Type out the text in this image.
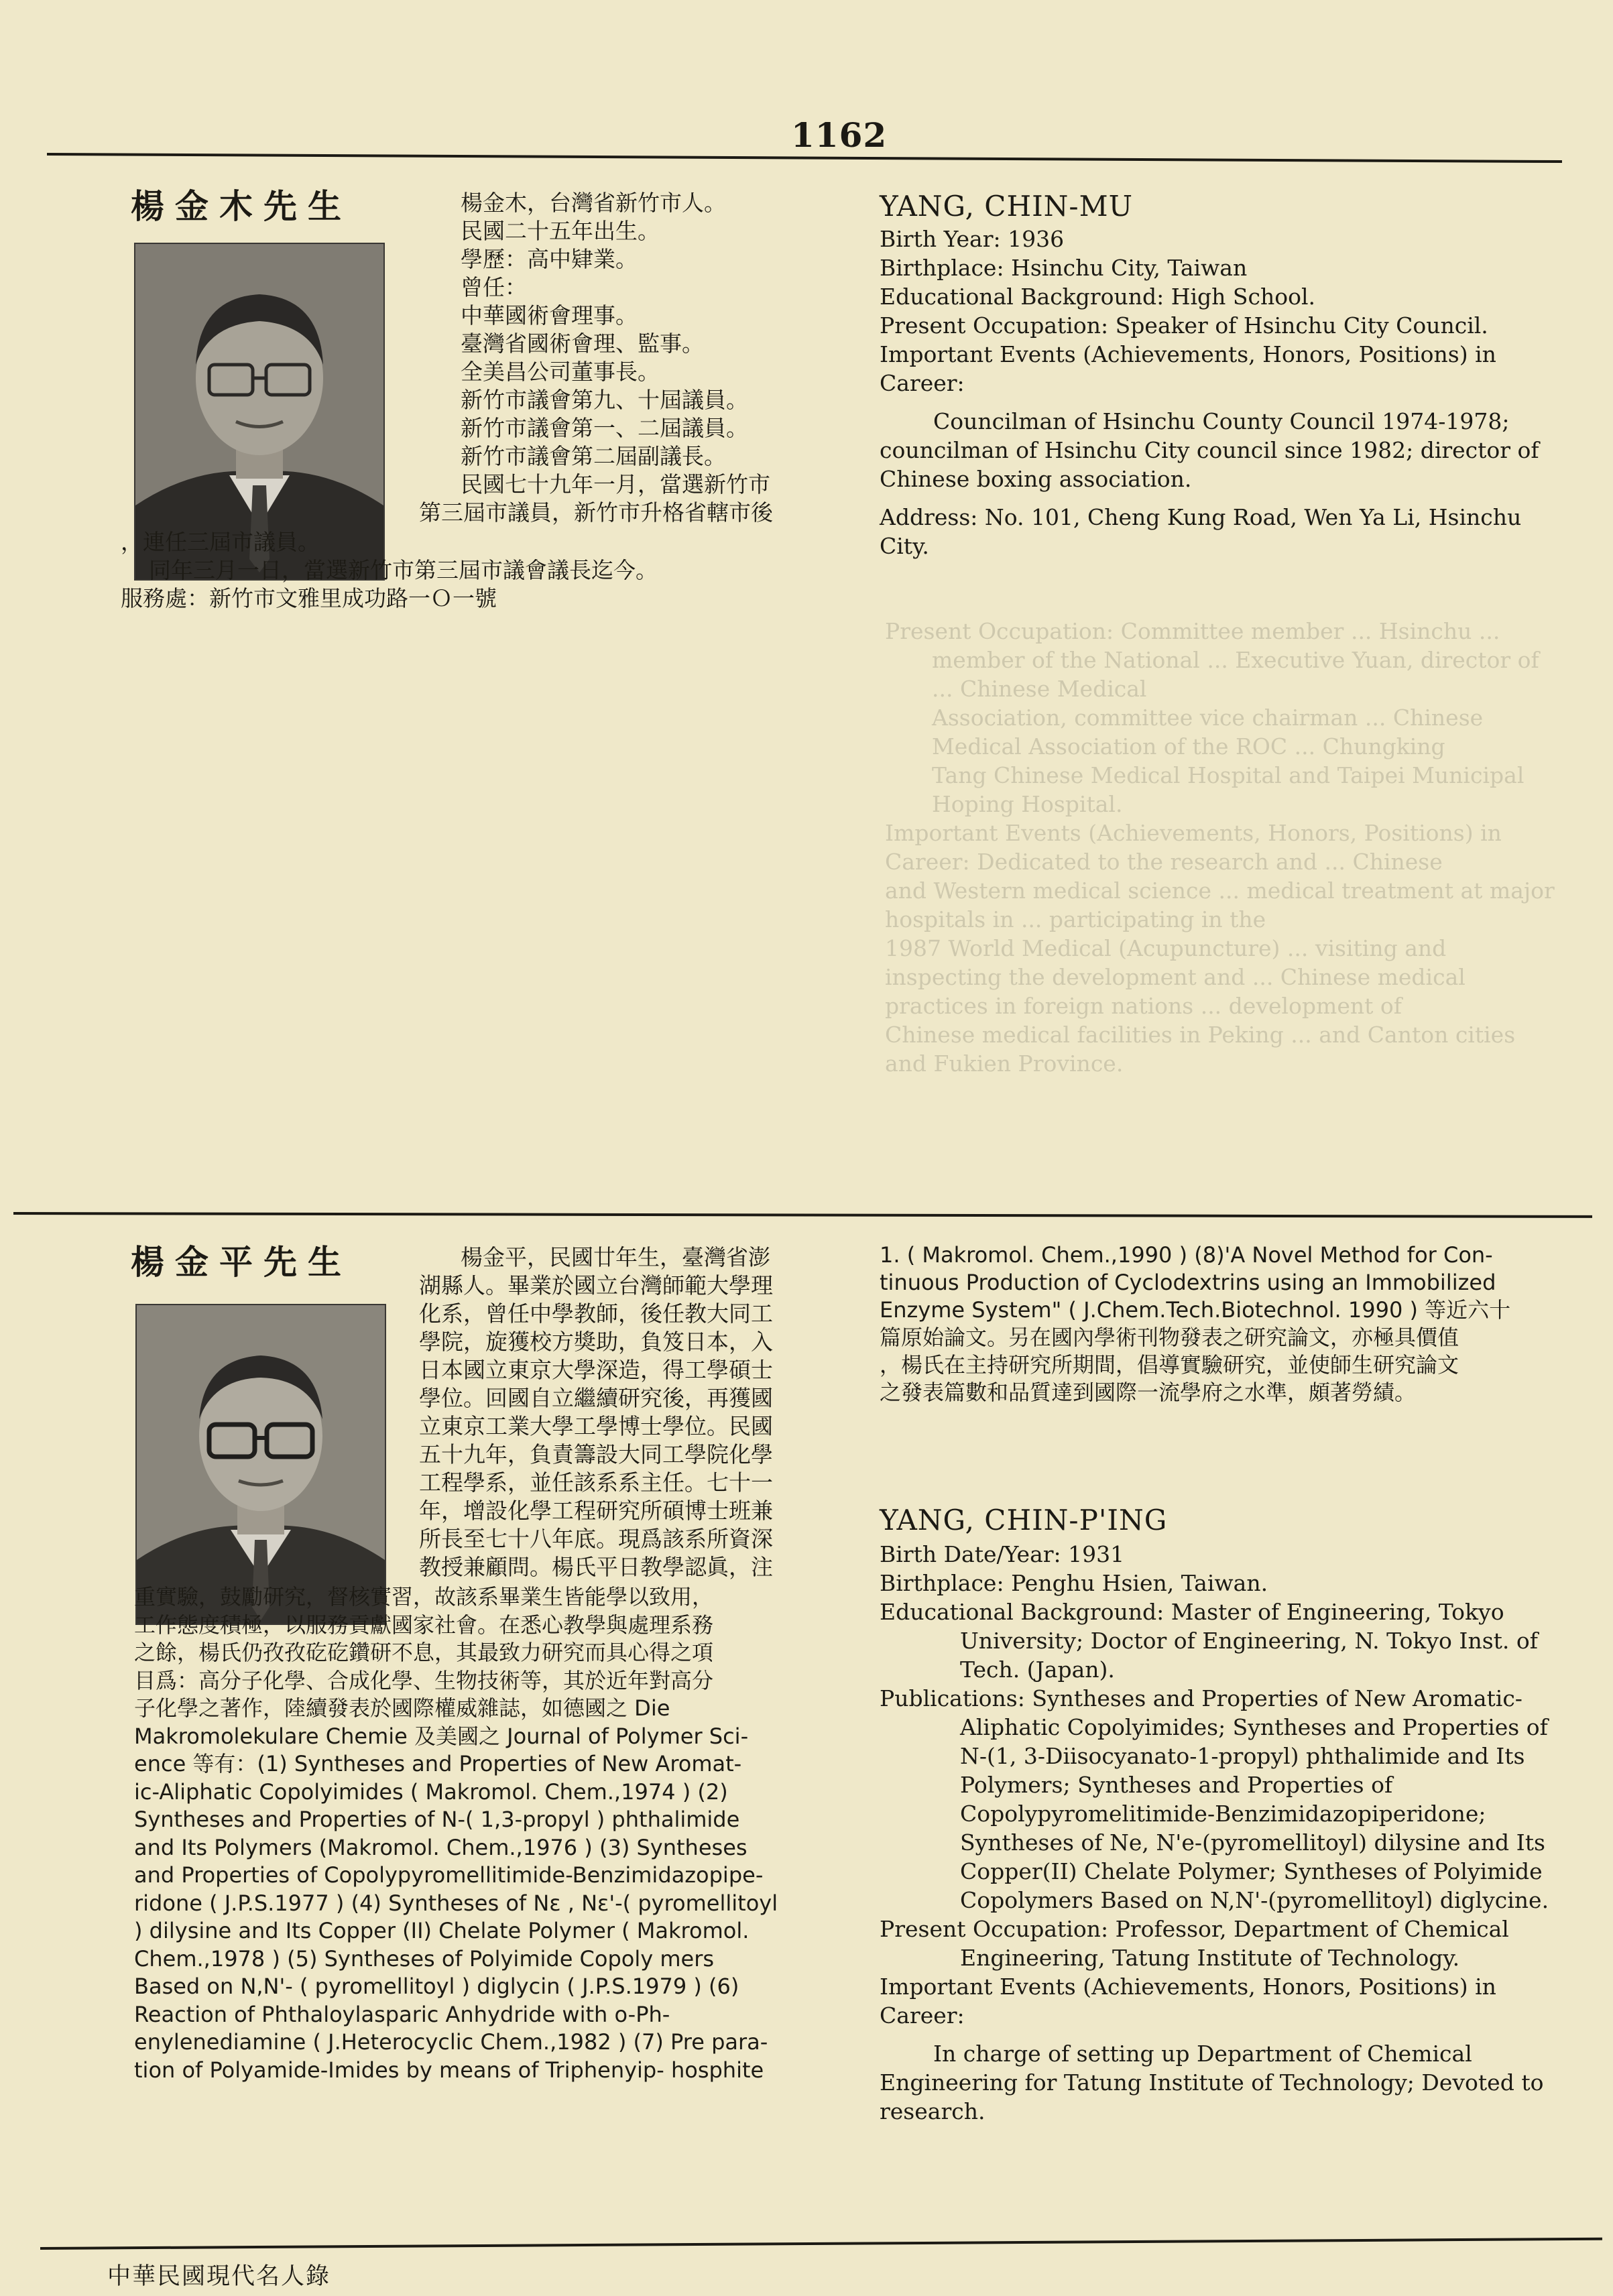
1162

Present Occupation: Committee member ... Hsinchu ...

member of the National ... Executive Yuan, director of ... Chinese Medical

Association, committee vice chairman ... Chinese Medical Association of the ROC ... Chungking

Tang Chinese Medical Hospital and Taipei Municipal Hoping Hospital.

Important Events (Achievements, Honors, Positions) in Career: Dedicated to the research and ... Chinese

and Western medical science ... medical treatment at major hospitals in ... participating in the

1987 World Medical (Acupuncture) ... visiting and inspecting the development and ... Chinese medical practices in foreign nations ... development of

Chinese medical facilities in Peking ... and Canton cities and Fukien Province.

楊金木先生	楊金木，台灣省新竹市人。

民國二十五年出生。

學歷：高中肄業。

曾任：

中華國術會理事。

臺灣省國術會理、監事。

全美昌公司董事長。

新竹市議會第九、十屆議員。

新竹市議會第一、二屆議員。

新竹市議會第二屆副議長。

民國七十九年一月，當選新竹市

第三屆市議員，新竹市升格省轄市後

，連任三屆市議員。

同年三月一日，當選新竹市第三屆市議會議長迄今。

服務處：新竹市文雅里成功路一Ｏ一號

YANG, CHIN-MU

Birth Year: 1936

Birthplace: Hsinchu City, Taiwan

Educational Background: High School.

Present Occupation: Speaker of Hsinchu City Council.

Important Events (Achievements, Honors, Positions) in Career:

Councilman of Hsinchu County Council 1974-1978; councilman of Hsinchu City council since 1982; director of Chinese boxing association.

Address: No. 101, Cheng Kung Road, Wen Ya Li, Hsinchu City.

楊金平先生	楊金平，民國廿年生，臺灣省澎

湖縣人。畢業於國立台灣師範大學理

化系，曾任中學教師，後任教大同工

學院，旋獲校方獎助，負笈日本，入

日本國立東京大學深造，得工學碩士

學位。回國自立繼續研究後，再獲國

立東京工業大學工學博士學位。民國

五十九年，負責籌設大同工學院化學

工程學系，並任該系系主任。七十一

年，增設化學工程研究所碩博士班兼

所長至七十八年底。現爲該系所資深

教授兼顧問。楊氏平日教學認眞，注

重實驗，鼓勵研究，督核實習，故該系畢業生皆能學以致用，

工作態度積極，以服務貢獻國家社會。在悉心教學與處理系務

之餘，楊氏仍孜孜矻矻鑽研不息，其最致力研究而具心得之項

目爲：高分子化學、合成化學、生物技術等，其於近年對高分

子化學之著作，陸續發表於國際權威雜誌，如德國之 Die

Makromolekulare Chemie 及美國之 Journal of Polymer Sci-

ence 等有：(1) Syntheses and Properties of New Aromat-

ic-Aliphatic Copolyimides ( Makromol. Chem.,1974 ) (2)

Syntheses and Properties of N-( 1,3-propyl ) phthalimide

and Its Polymers (Makromol. Chem.,1976 ) (3) Syntheses

and Properties of Copolypyromellitimide-Benzimidazopipe-

ridone ( J.P.S.1977 ) (4) Syntheses of Nε , Nε'-( pyromellitoyl

) dilysine and Its Copper (II) Chelate Polymer ( Makromol.

Chem.,1978 ) (5) Syntheses of Polyimide Copoly mers

Based on N,N'- ( pyromellitoyl ) diglycin ( J.P.S.1979 ) (6)

Reaction of Phthaloylasparic Anhydride with o-Ph-

enylenediamine ( J.Heterocyclic Chem.,1982 ) (7) Pre para-

tion of Polyamide-Imides by means of Triphenyip- hosphite

1. ( Makromol. Chem.,1990 ) (8)'A Novel Method for Con-

tinuous Production of Cyclodextrins using an Immobilized

Enzyme System" ( J.Chem.Tech.Biotechnol. 1990 ) 等近六十

篇原始論文。另在國內學術刊物發表之研究論文，亦極具價值

，楊氏在主持研究所期間，倡導實驗研究，並使師生研究論文

之發表篇數和品質達到國際一流學府之水準，頗著勞績。

YANG, CHIN-P'ING

Birth Date/Year: 1931

Birthplace: Penghu Hsien, Taiwan.

Educational Background: Master of Engineering, Tokyo University; Doctor of Engineering, N. Tokyo Inst. of Tech. (Japan).

Publications: Syntheses and Properties of New Aromatic-Aliphatic Copolyimides; Syntheses and Properties of N-(1, 3-Diisocyanato-1-propyl) phthalimide and Its Polymers; Syntheses and Properties of Copolypyromelitimide-Benzimidazopiperidone; Syntheses of Ne, N'e-(pyromellitoyl) dilysine and Its Copper(II) Chelate Polymer; Syntheses of Polyimide Copolymers Based on N,N'-(pyromellitoyl) diglycine.

Present Occupation: Professor, Department of Chemical Engineering, Tatung Institute of Technology.

Important Events (Achievements, Honors, Positions) in Career:

In charge of setting up Department of Chemical Engineering for Tatung Institute of Technology; Devoted to research.

中華民國現代名人錄
